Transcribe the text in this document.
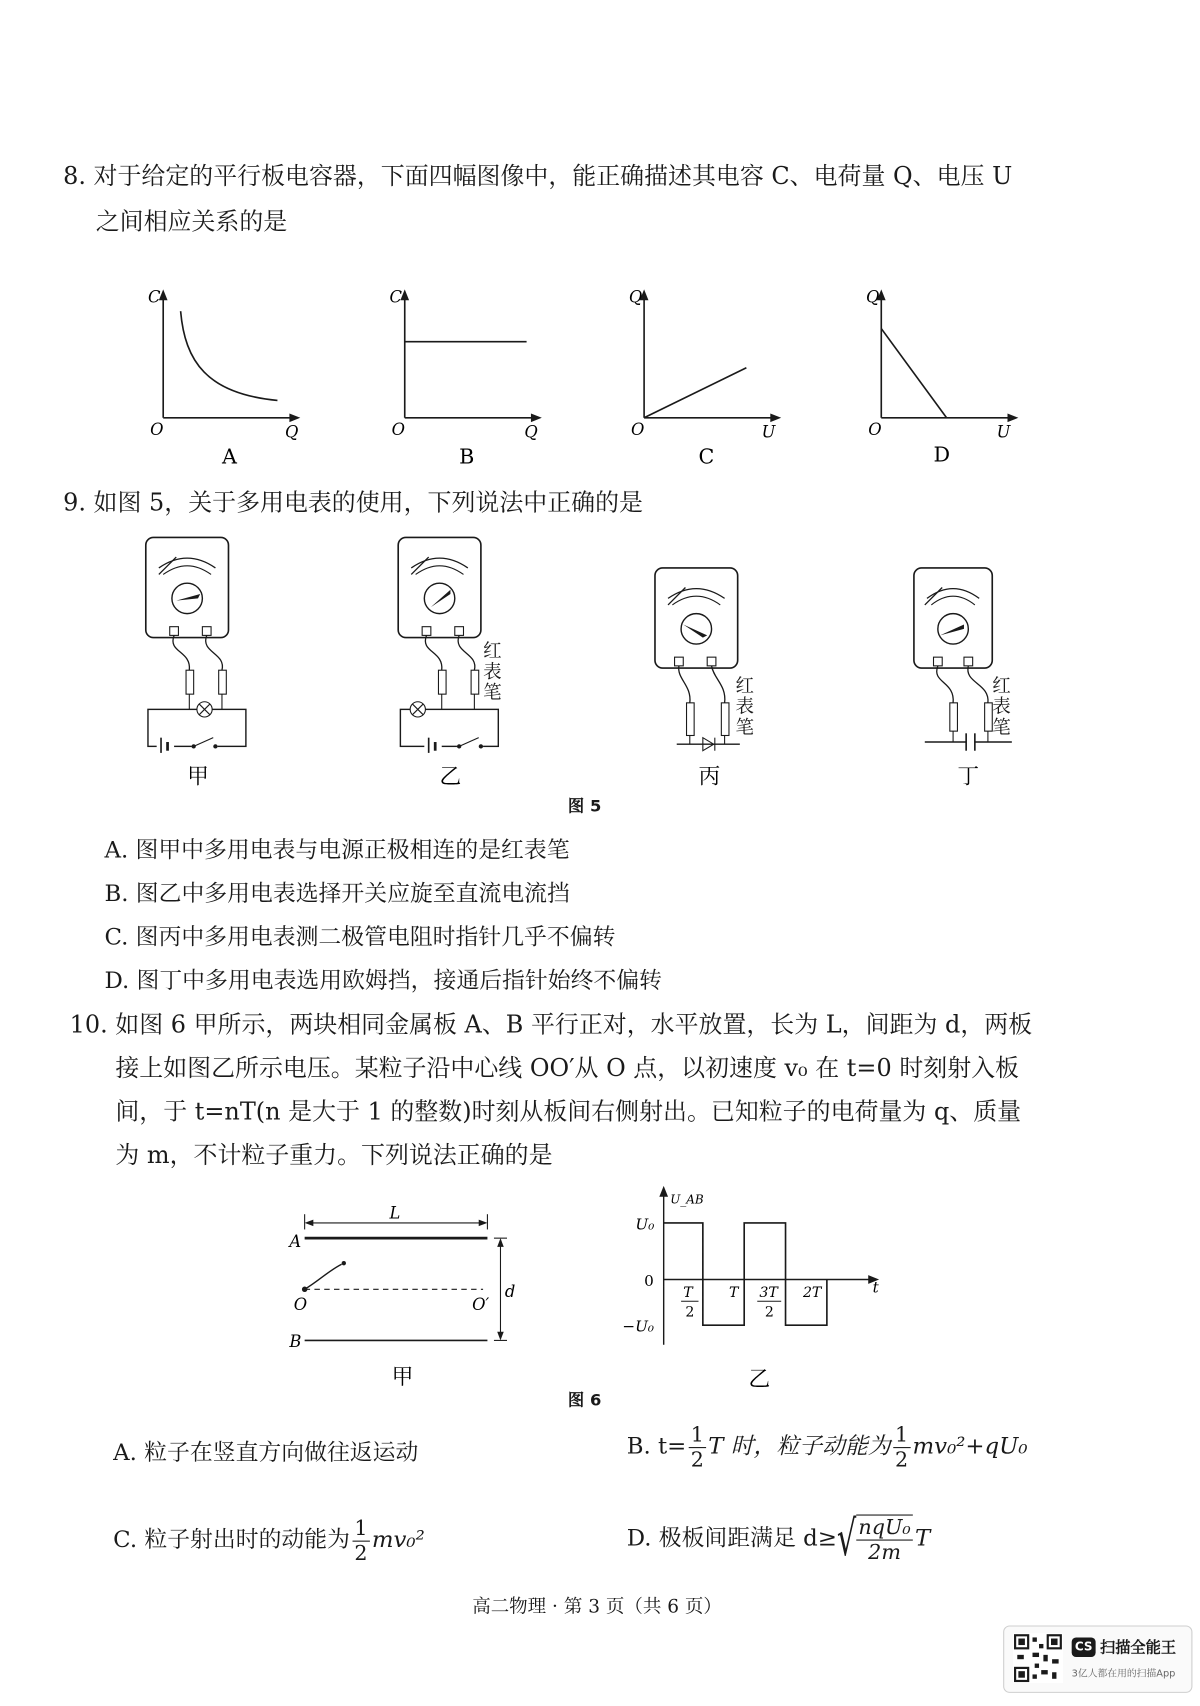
8. 对于给定的平行板电容器，下面四幅图像中，能正确描述其电容 C、电荷量 Q、电压 U
之间相应关系的是
C
O	Q
A
C
O	Q
B
Q
O	U
C
Q
O	U
D
9. 如图 5，关于多用电表的使用，下列说法中正确的是
甲	乙
红表笔
丙
红表笔
丁
红表笔
图 5
A. 图甲中多用电表与电源正极相连的是红表笔
B. 图乙中多用电表选择开关应旋至直流电流挡
C. 图丙中多用电表测二极管电阻时指针几乎不偏转
D. 图丁中多用电表选用欧姆挡，接通后指针始终不偏转
10. 如图 6 甲所示，两块相同金属板 A、B 平行正对，水平放置，长为 L，间距为 d，两板
接上如图乙所示电压。某粒子沿中心线 OO′从 O 点，以初速度 v₀ 在 t=0 时刻射入板
间，于 t=nT(n 是大于 1 的整数)时刻从板间右侧射出。已知粒子的电荷量为 q、质量
为 m，不计粒子重力。下列说法正确的是
L
A
B
O	O′
d
甲
U_AB
t
U₀
0
−U₀
T
2
T 3T
2
2T
乙
图 6
A. 粒子在竖直方向做往返运动	B. $t= \frac{1}{2}$ T 时，粒子动能为 $\frac{1}{2} mv_0^2+qU_0$
C. 粒子射出时的动能为 $\frac{1}{2} mv_0^2$	D. 极板间距满足 $d\ge√ \frac{\text{nqU₀}}{2m}$ T
高二物理 · 第 3 页（共 6 页）
CS 扫描全能王
3亿人都在用的扫描App
